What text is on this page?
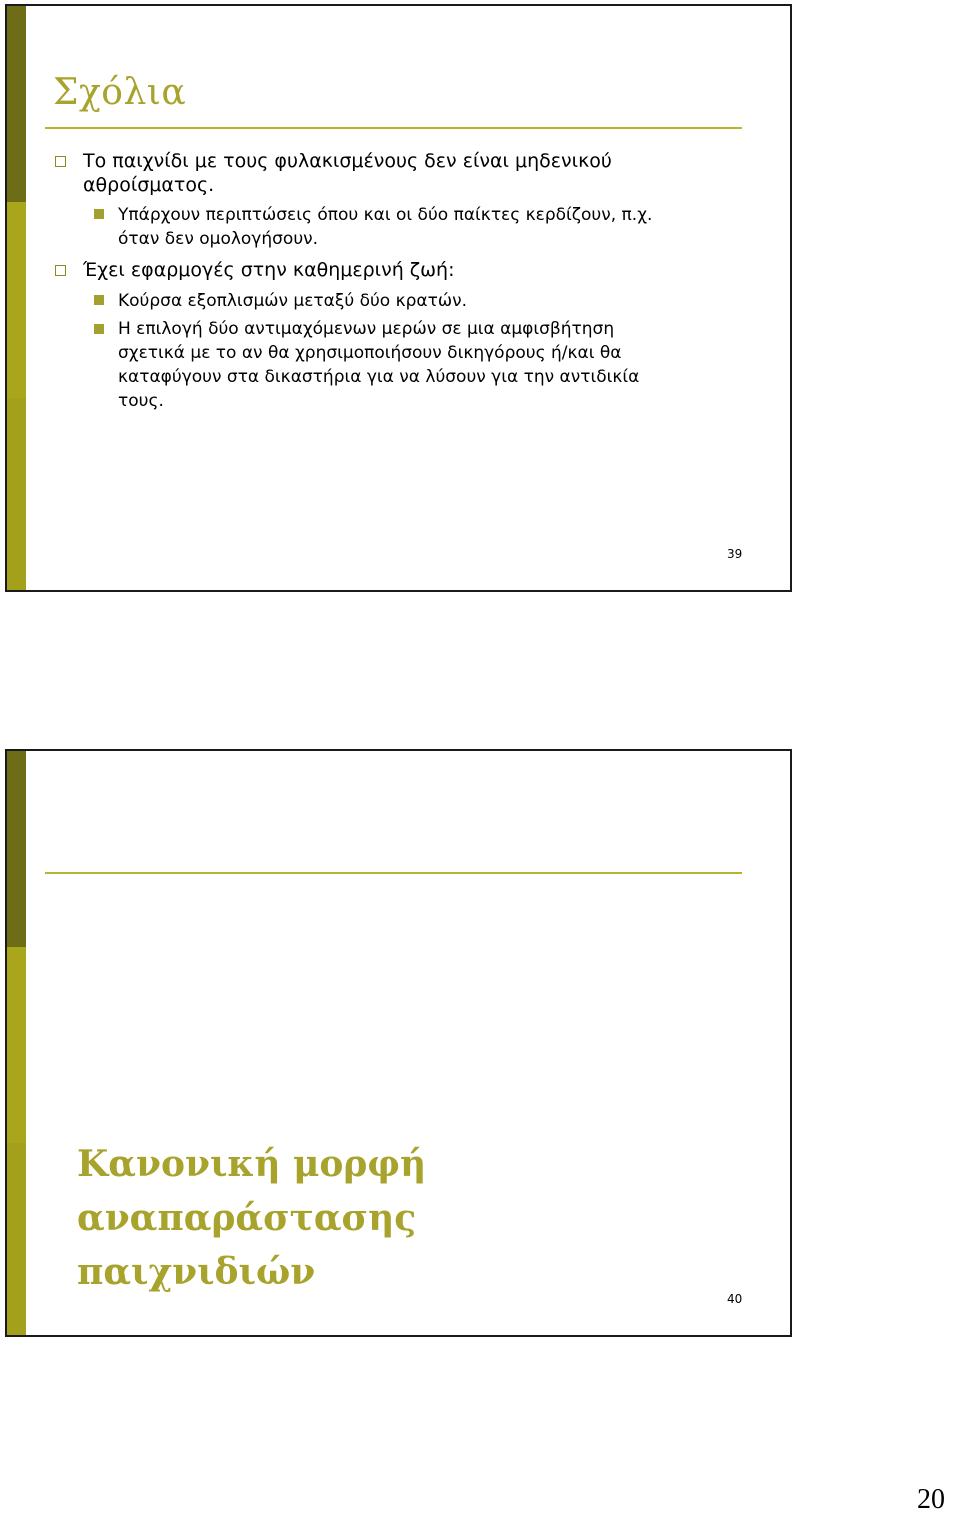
Σχόλια
Το παιχνίδι με τους φυλακισμένους δεν είναι μηδενικού
αθροίσματος.
Υπάρχουν περιπτώσεις όπου και οι δύο παίκτες κερδίζουν, π.χ.
όταν δεν ομολογήσουν.
Έχει εφαρμογές στην καθημερινή ζωή:
Κούρσα εξοπλισμών μεταξύ δύο κρατών.
Η επιλογή δύο αντιμαχόμενων μερών σε μια αμφισβήτηση
σχετικά με το αν θα χρησιμοποιήσουν δικηγόρους ή/και θα
καταφύγουν στα δικαστήρια για να λύσουν για την αντιδικία
τους.
39
Κανονική μορφή αναπαράστασης
παιχνιδιών
40
20
